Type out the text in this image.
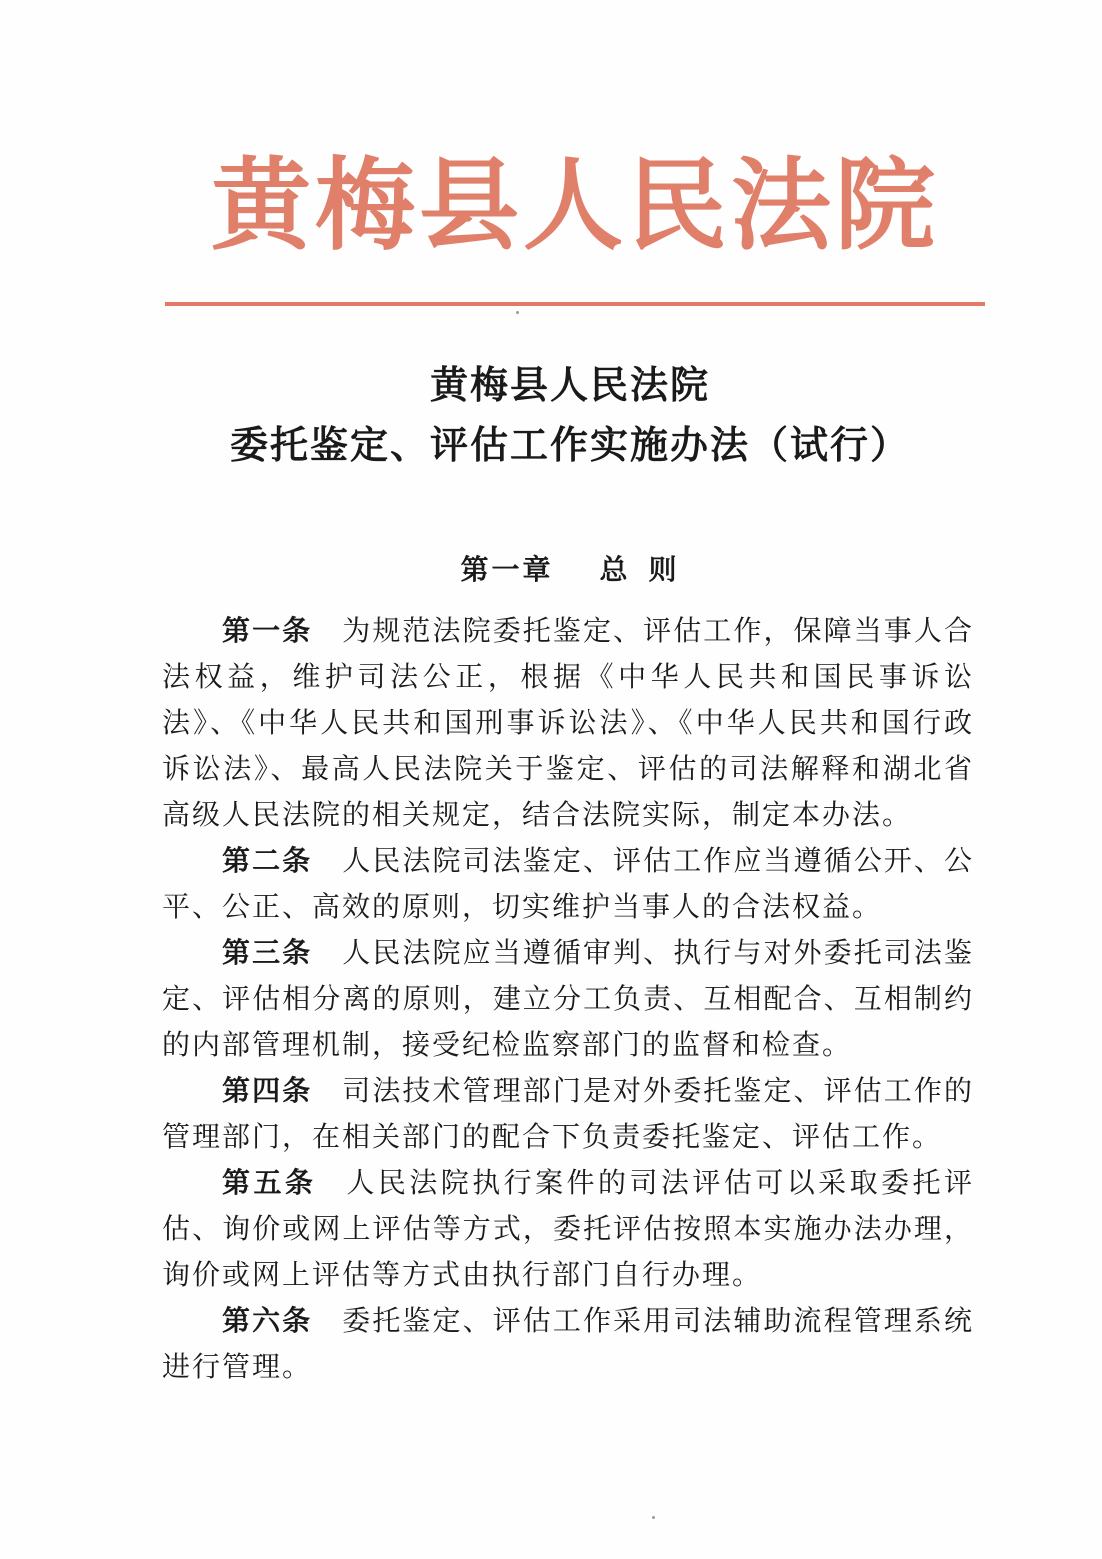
黄梅县人民法院
黄梅县人民法院
委托鉴定、评估工作实施办法（试行）
第一章 总 则

第一条 为规范法院委托鉴定、评估工作，保障当事人合法权益，维护司法公正，根据《中华人民共和国民事诉讼法》、《中华人民共和国刑事诉讼法》、《中华人民共和国行政诉讼法》、最高人民法院关于鉴定、评估的司法解释和湖北省高级人民法院的相关规定，结合法院实际，制定本办法。

第二条 人民法院司法鉴定、评估工作应当遵循公开、公平、公正、高效的原则，切实维护当事人的合法权益。

第三条 人民法院应当遵循审判、执行与对外委托司法鉴定、评估相分离的原则，建立分工负责、互相配合、互相制约的内部管理机制，接受纪检监察部门的监督和检查。

第四条 司法技术管理部门是对外委托鉴定、评估工作的管理部门，在相关部门的配合下负责委托鉴定、评估工作。

第五条 人民法院执行案件的司法评估可以采取委托评估、询价或网上评估等方式，委托评估按照本实施办法办理，询价或网上评估等方式由执行部门自行办理。

第六条 委托鉴定、评估工作采用司法辅助流程管理系统进行管理。
